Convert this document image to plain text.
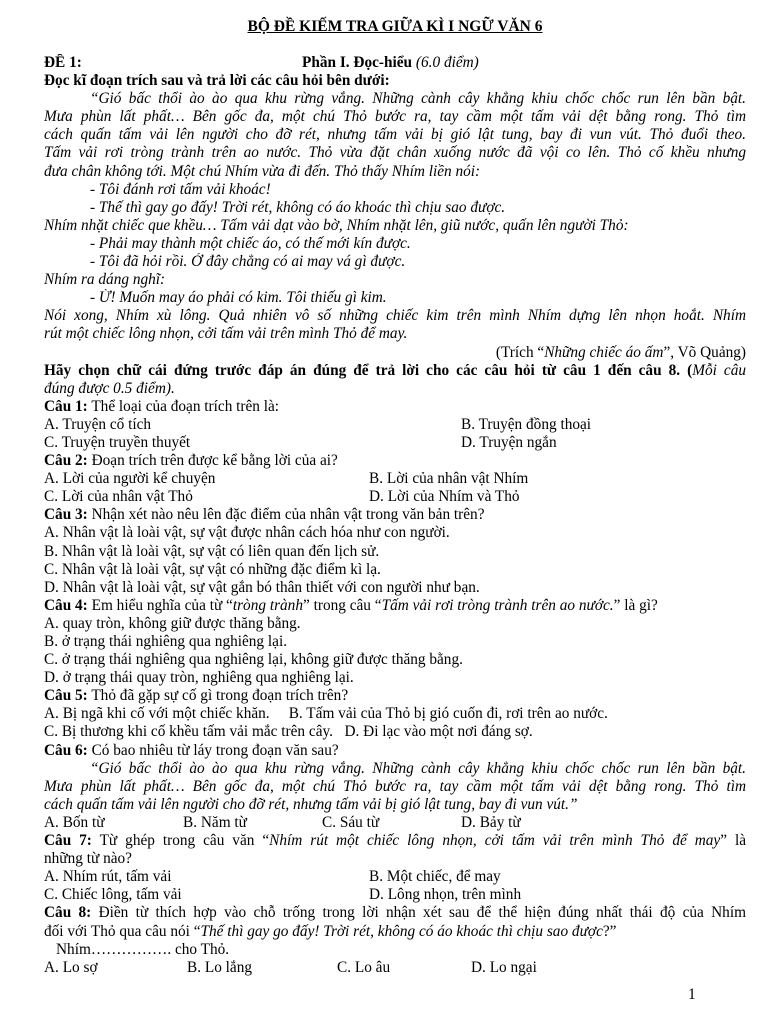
BỘ ĐỀ KIẾM TRA GIỮA KÌ I NGỮ VĂN 6
ĐỀ 1:	Phần I. Đọc-hiểu (6.0 điểm)
Đọc kĩ đoạn trích sau và trả lời các câu hỏi bên dưới:
“Gió bấc thổi ào ào qua khu rừng vắng. Những cành cây khẳng khiu chốc chốc run lên bần bật.
Mưa phùn lất phất… Bên gốc đa, một chú Thỏ bước ra, tay cầm một tấm vải dệt bằng rong. Thỏ tìm
cách quấn tấm vải lên người cho đỡ rét, nhưng tấm vải bị gió lật tung, bay đi vun vút. Thỏ đuổi theo.
Tấm vải rơi tròng trành trên ao nước. Thỏ vừa đặt chân xuống nước đã vội co lên. Thỏ cố khều nhưng
đưa chân không tới. Một chú Nhím vừa đi đến. Thỏ thấy Nhím liền nói:
- Tôi đánh rơi tấm vải khoác!
- Thế thì gay go đấy! Trời rét, không có áo khoác thì chịu sao được.
Nhím nhặt chiếc que khều… Tấm vải dạt vào bờ, Nhím nhặt lên, giũ nước, quấn lên người Thỏ:
- Phải may thành một chiếc áo, có thế mới kín được.
- Tôi đã hỏi rồi. Ở đây chẳng có ai may vá gì được.
Nhím ra dáng nghĩ:
- Ừ! Muốn may áo phải có kim. Tôi thiếu gì kim.
Nói xong, Nhím xù lông. Quả nhiên vô số những chiếc kim trên mình Nhím dựng lên nhọn hoắt. Nhím
rút một chiếc lông nhọn, cởi tấm vải trên mình Thỏ để may.
(Trích “Những chiếc áo ấm”, Võ Quảng)
Hãy chọn chữ cái đứng trước đáp án đúng để trả lời cho các câu hỏi từ câu 1 đến câu 8. (Mỗi câu
đúng được 0.5 điểm).
Câu 1: Thể loại của đoạn trích trên là:
A. Truyện cổ tích	B. Truyện đồng thoại
C. Truyện truyền thuyết	D. Truyện ngắn
Câu 2: Đoạn trích trên được kể bằng lời của ai?
A. Lời của người kể chuyện	B. Lời của nhân vật Nhím
C. Lời của nhân vật Thỏ	D. Lời của Nhím và Thỏ
Câu 3: Nhận xét nào nêu lên đặc điểm của nhân vật trong văn bản trên?
A. Nhân vật là loài vật, sự vật được nhân cách hóa như con người.
B. Nhân vật là loài vật, sự vật có liên quan đến lịch sử.
C. Nhân vật là loài vật, sự vật có những đặc điểm kì lạ.
D. Nhân vật là loài vật, sự vật gắn bó thân thiết với con người như bạn.
Câu 4: Em hiểu nghĩa của từ “tròng trành” trong câu “Tấm vải rơi tròng trành trên ao nước.” là gì?
A. quay tròn, không giữ được thăng bằng.
B. ở trạng thái nghiêng qua nghiêng lại.
C. ở trạng thái nghiêng qua nghiêng lại, không giữ được thăng bằng.
D. ở trạng thái quay tròn, nghiêng qua nghiêng lại.
Câu 5: Thỏ đã gặp sự cố gì trong đoạn trích trên?
A. Bị ngã khi cố với một chiếc khăn. B. Tấm vải của Thỏ bị gió cuốn đi, rơi trên ao nước.
C. Bị thương khi cố khều tấm vải mắc trên cây. D. Đi lạc vào một nơi đáng sợ.
Câu 6: Có bao nhiêu từ láy trong đoạn văn sau?
“Gió bấc thổi ào ào qua khu rừng vắng. Những cành cây khẳng khiu chốc chốc run lên bần bật.
Mưa phùn lất phất… Bên gốc đa, một chú Thỏ bước ra, tay cầm một tấm vải dệt bằng rong. Thỏ tìm
cách quấn tấm vải lên người cho đỡ rét, nhưng tấm vải bị gió lật tung, bay đi vun vút.”
A. Bốn từ	B. Năm từ	C. Sáu từ	D. Bảy từ
Câu 7: Từ ghép trong câu văn “Nhím rút một chiếc lông nhọn, cởi tấm vải trên mình Thỏ để may” là
những từ nào?
A. Nhím rút, tấm vải	B. Một chiếc, để may
C. Chiếc lông, tấm vải	D. Lông nhọn, trên mình
Câu 8: Điền từ thích hợp vào chỗ trống trong lời nhận xét sau để thể hiện đúng nhất thái độ của Nhím
đối với Thỏ qua câu nói “Thế thì gay go đấy! Trời rét, không có áo khoác thì chịu sao được?”
Nhím……………. cho Thỏ.
A. Lo sợ	B. Lo lắng	C. Lo âu	D. Lo ngại
1
